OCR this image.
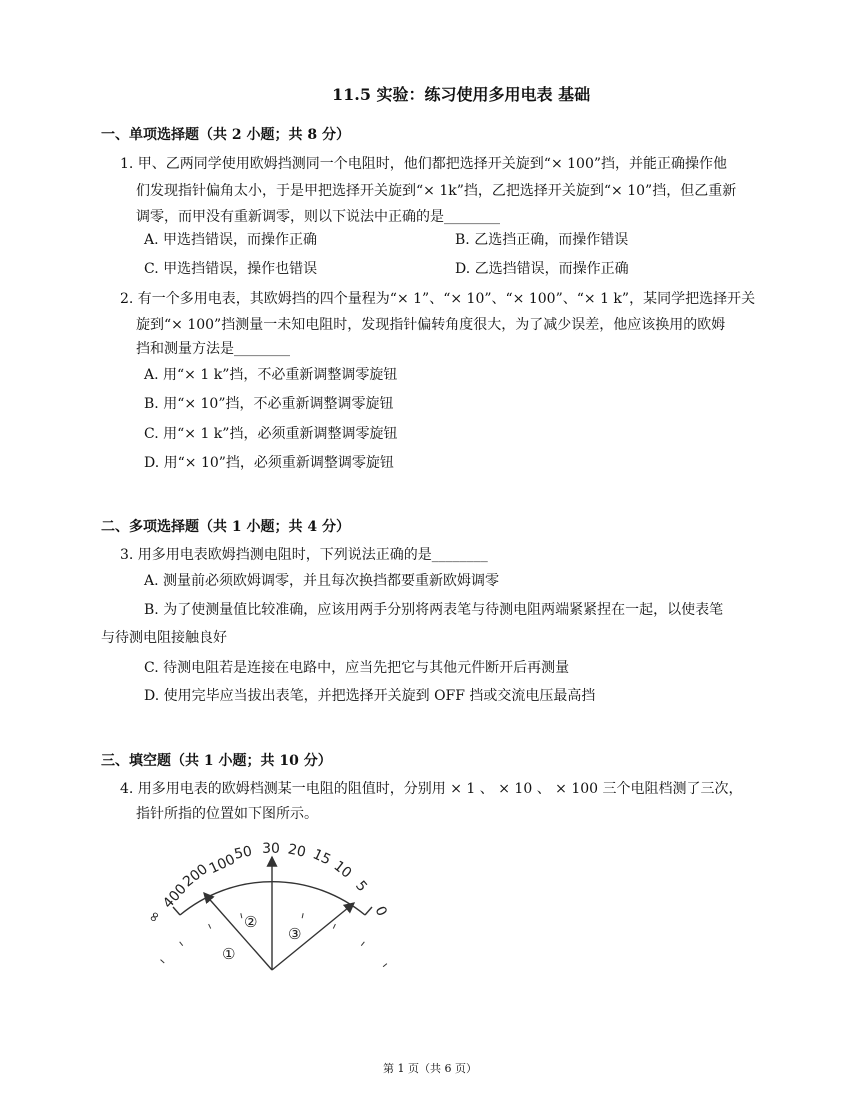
11.5 实验：练习使用多用电表 基础
一、单项选择题（共 2 小题；共 8 分）
1. 甲、乙两同学使用欧姆挡测同一个电阻时，他们都把选择开关旋到“× 100”挡，并能正确操作他
们发现指针偏角太小，于是甲把选择开关旋到“× 1k”挡，乙把选择开关旋到“× 10”挡，但乙重新
调零，而甲没有重新调零，则以下说法中正确的是________
A. 甲选挡错误，而操作正确	B. 乙选挡正确，而操作错误
C. 甲选挡错误，操作也错误	D. 乙选挡错误，而操作正确
2. 有一个多用电表，其欧姆挡的四个量程为“× 1”、“× 10”、“× 100”、“× 1 k”，某同学把选择开关
旋到“× 100”挡测量一未知电阻时，发现指针偏转角度很大，为了减少误差，他应该换用的欧姆
挡和测量方法是________
A. 用“× 1 k”挡，不必重新调整调零旋钮
B. 用“× 10”挡，不必重新调整调零旋钮
C. 用“× 1 k”挡，必须重新调整调零旋钮
D. 用“× 10”挡，必须重新调整调零旋钮
二、多项选择题（共 1 小题；共 4 分）
3. 用多用电表欧姆挡测电阻时，下列说法正确的是________
A. 测量前必须欧姆调零，并且每次换挡都要重新欧姆调零
B. 为了使测量值比较准确，应该用两手分别将两表笔与待测电阻两端紧紧捏在一起，以使表笔
与待测电阻接触良好
C. 待测电阻若是连接在电路中，应当先把它与其他元件断开后再测量
D. 使用完毕应当拔出表笔，并把选择开关旋到 OFF 挡或交流电压最高挡
三、填空题（共 1 小题；共 10 分）
4. 用多用电表的欧姆档测某一电阻的阻值时，分别用 × 1 、 × 10 、 × 100 三个电阻档测了三次，
指针所指的位置如下图所示。
∞
400
200
100
50 30 20 15
10
5
0
①
②
③
第 1 页（共 6 页）
